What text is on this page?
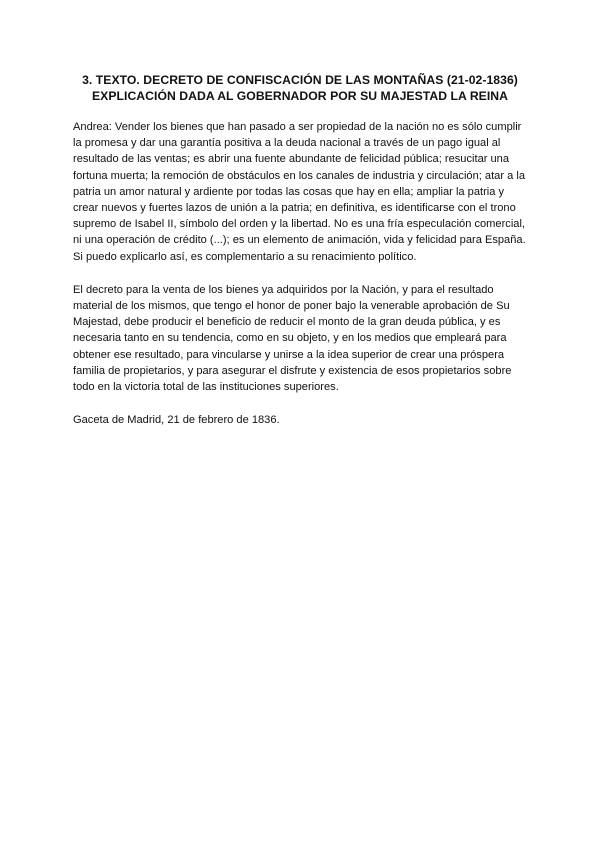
3. TEXTO. DECRETO DE CONFISCACIÓN DE LAS MONTAÑAS (21-02-1836)
EXPLICACIÓN DADA AL GOBERNADOR POR SU MAJESTAD LA REINA

Andrea: Vender los bienes que han pasado a ser propiedad de la nación no es sólo cumplir
la promesa y dar una garantía positiva a la deuda nacional a través de un pago igual al
resultado de las ventas; es abrir una fuente abundante de felicidad pública; resucitar una
fortuna muerta; la remoción de obstáculos en los canales de industria y circulación; atar a la
patria un amor natural y ardiente por todas las cosas que hay en ella; ampliar la patria y
crear nuevos y fuertes lazos de unión a la patria; en definitiva, es identificarse con el trono
supremo de Isabel II, símbolo del orden y la libertad. No es una fría especulación comercial,
ni una operación de crédito (...); es un elemento de animación, vida y felicidad para España.
Si puedo explicarlo así, es complementario a su renacimiento político.

El decreto para la venta de los bienes ya adquiridos por la Nación, y para el resultado
material de los mismos, que tengo el honor de poner bajo la venerable aprobación de Su
Majestad, debe producir el beneficio de reducir el monto de la gran deuda pública, y es
necesaria tanto en su tendencia, como en su objeto, y en los medios que empleará para
obtener ese resultado, para vincularse y unirse a la idea superior de crear una próspera
familia de propietarios, y para asegurar el disfrute y existencia de esos propietarios sobre
todo en la victoria total de las instituciones superiores.

Gaceta de Madrid, 21 de febrero de 1836.
